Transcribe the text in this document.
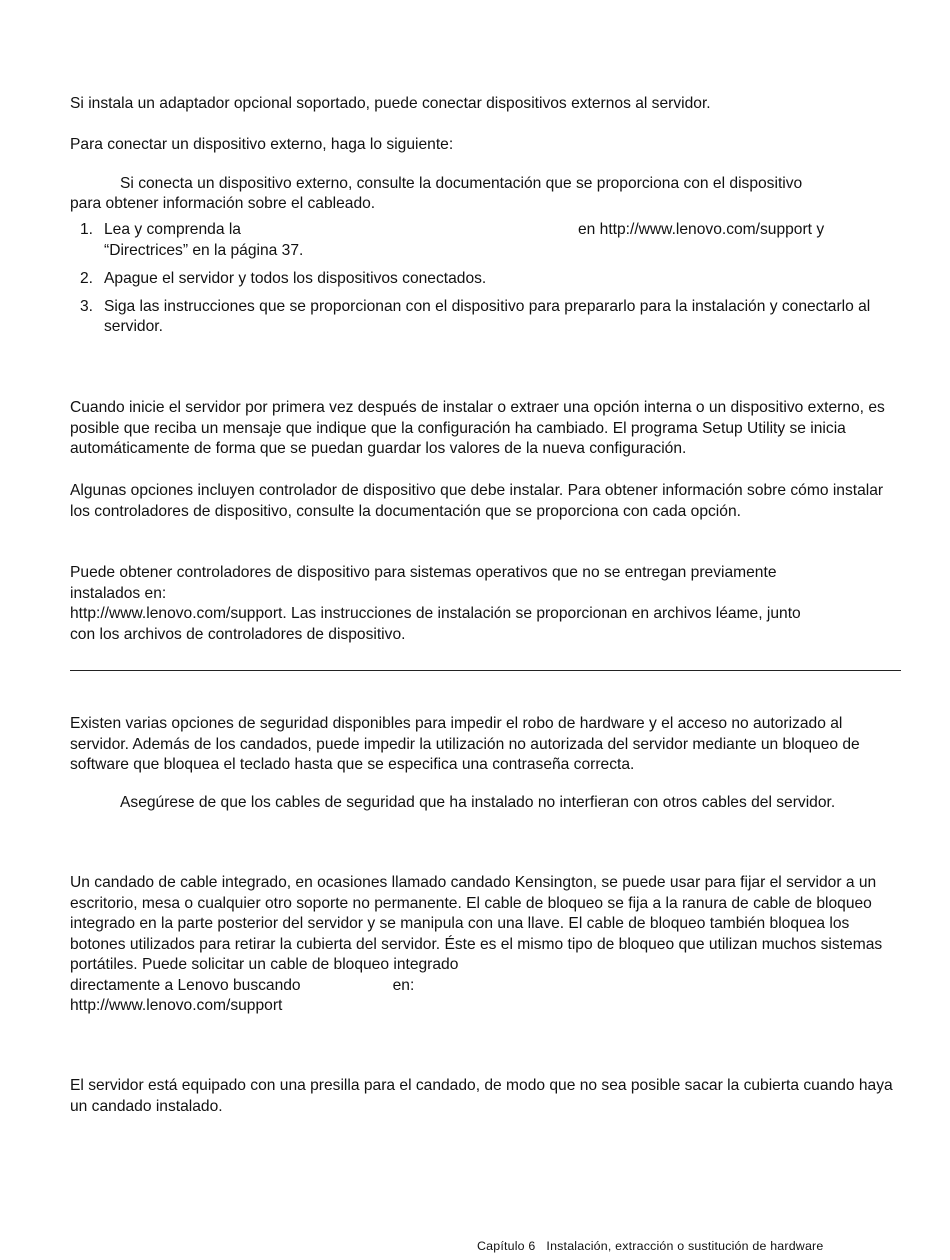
Si instala un adaptador opcional soportado, puede conectar dispositivos externos al servidor.

Para conectar un dispositivo externo, haga lo siguiente:

Si conecta un dispositivo externo, consulte la documentación que se proporciona con el dispositivo

para obtener información sobre el cableado.

1. Lea y comprenda la	en http://www.lenovo.com/support y
“Directrices” en la página 37.
2. Apague el servidor y todos los dispositivos conectados.
3. Siga las instrucciones que se proporcionan con el dispositivo para prepararlo para la instalación y conectarlo al servidor.

Cuando inicie el servidor por primera vez después de instalar o extraer una opción interna o un dispositivo externo, es posible que reciba un mensaje que indique que la configuración ha cambiado. El programa Setup Utility se inicia automáticamente de forma que se puedan guardar los valores de la nueva configuración.

Algunas opciones incluyen controlador de dispositivo que debe instalar. Para obtener información sobre cómo instalar los controladores de dispositivo, consulte la documentación que se proporciona con cada opción.

Puede obtener controladores de dispositivo para sistemas operativos que no se entregan previamente
instalados en:
http://www.lenovo.com/support. Las instrucciones de instalación se proporcionan en archivos léame, junto
con los archivos de controladores de dispositivo.

Existen varias opciones de seguridad disponibles para impedir el robo de hardware y el acceso no autorizado al servidor. Además de los candados, puede impedir la utilización no autorizada del servidor mediante un bloqueo de software que bloquea el teclado hasta que se especifica una contraseña correcta.

Asegúrese de que los cables de seguridad que ha instalado no interfieran con otros cables del servidor.

Un candado de cable integrado, en ocasiones llamado candado Kensington, se puede usar para fijar el servidor a un escritorio, mesa o cualquier otro soporte no permanente. El cable de bloqueo se fija a la ranura de cable de bloqueo integrado en la parte posterior del servidor y se manipula con una llave. El cable de bloqueo también bloquea los botones utilizados para retirar la cubierta del servidor. Éste es el mismo tipo de bloqueo que utilizan muchos sistemas portátiles. Puede solicitar un cable de bloqueo integrado

directamente a Lenovo buscando	en:
http://www.lenovo.com/support

El servidor está equipado con una presilla para el candado, de modo que no sea posible sacar la cubierta cuando haya un candado instalado.

Capítulo 6 Instalación, extracción o sustitución de hardware
